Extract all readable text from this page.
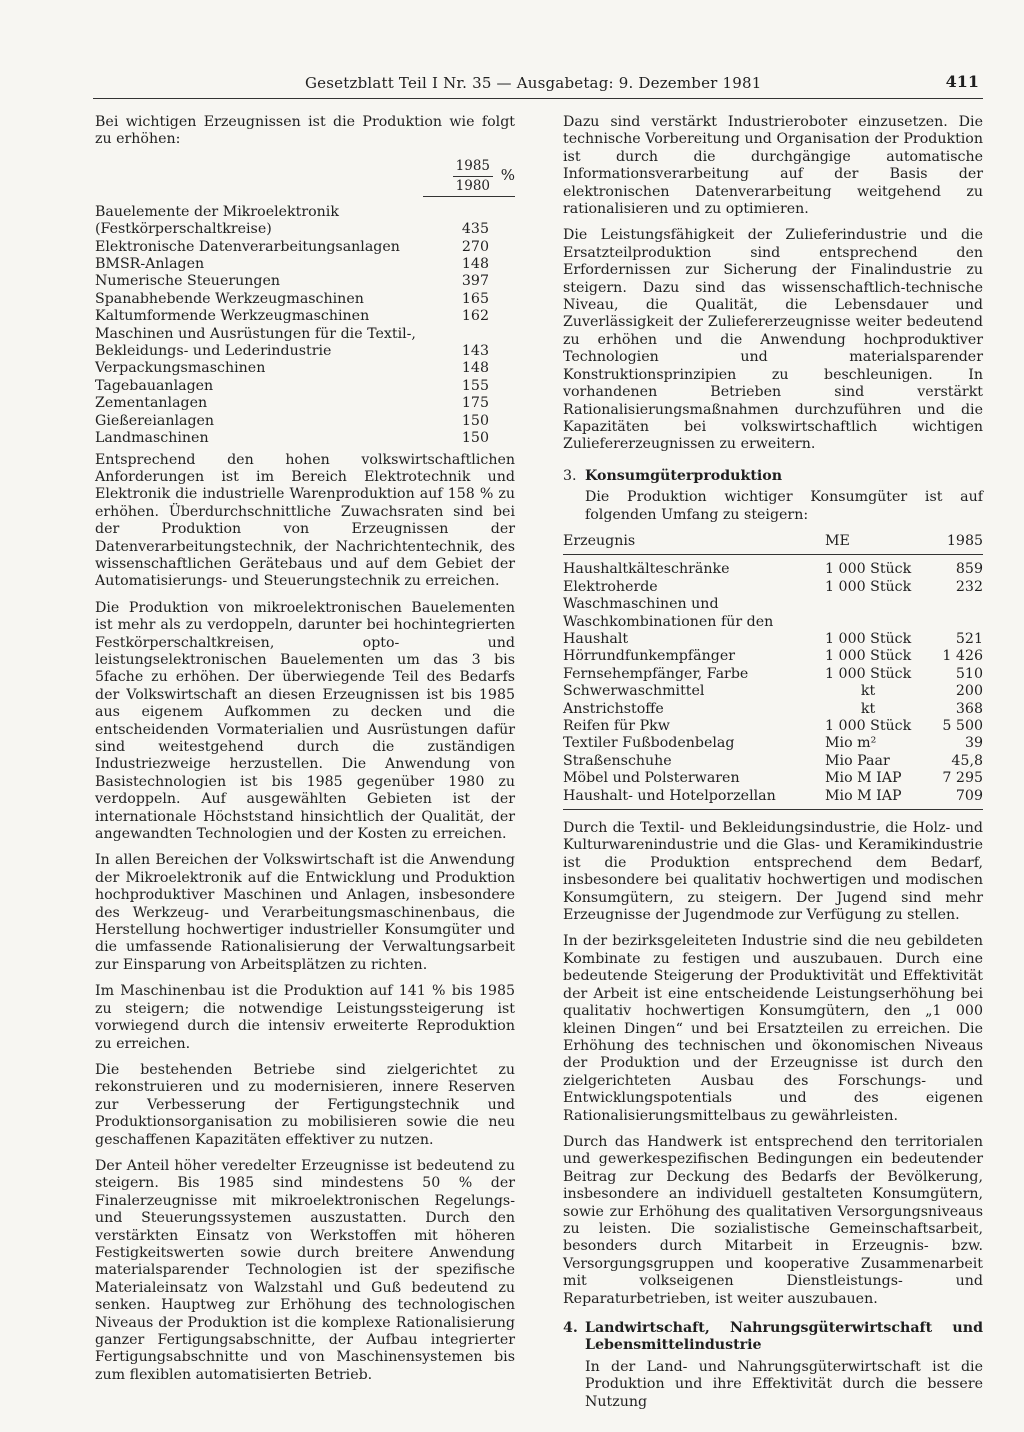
Gesetzblatt Teil I Nr. 35 — Ausgabetag: 9. Dezember 1981	411

Bei wichtigen Erzeugnissen ist die Produktion wie folgt zu erhöhen:

$\frac{1985}{1980}$ %
Bauelemente der Mikroelektronik (Festkörperschaltkreise)	435
Elektronische Datenverarbeitungsanlagen	270
BMSR-Anlagen	148
Numerische Steuerungen	397
Spanabhebende Werkzeugmaschinen	165
Kaltumformende Werkzeugmaschinen	162
Maschinen und Ausrüstungen für die Textil-, Bekleidungs- und Lederindustrie	143
Verpackungsmaschinen	148
Tagebauanlagen	155
Zementanlagen	175
Gießereianlagen	150
Landmaschinen	150

Entsprechend den hohen volkswirtschaftlichen Anforderungen ist im Bereich Elektrotechnik und Elektronik die industrielle Warenproduktion auf 158 % zu erhöhen. Überdurchschnittliche Zuwachsraten sind bei der Produktion von Erzeugnissen der Datenverarbeitungstechnik, der Nachrichtentechnik, des wissenschaftlichen Gerätebaus und auf dem Gebiet der Automatisierungs- und Steuerungstechnik zu erreichen.

Die Produktion von mikroelektronischen Bauelementen ist mehr als zu verdoppeln, darunter bei hochintegrierten Festkörperschaltkreisen, opto- und leistungselektronischen Bauelementen um das 3 bis 5fache zu erhöhen. Der überwiegende Teil des Bedarfs der Volkswirtschaft an diesen Erzeugnissen ist bis 1985 aus eigenem Aufkommen zu decken und die entscheidenden Vormaterialien und Ausrüstungen dafür sind weitestgehend durch die zuständigen Industriezweige herzustellen. Die Anwendung von Basistechnologien ist bis 1985 gegenüber 1980 zu verdoppeln. Auf ausgewählten Gebieten ist der internationale Höchststand hinsichtlich der Qualität, der angewandten Technologien und der Kosten zu erreichen.

In allen Bereichen der Volkswirtschaft ist die Anwendung der Mikroelektronik auf die Entwicklung und Produktion hochproduktiver Maschinen und Anlagen, insbesondere des Werkzeug- und Verarbeitungsmaschinenbaus, die Herstellung hochwertiger industrieller Konsumgüter und die umfassende Rationalisierung der Verwaltungsarbeit zur Einsparung von Arbeitsplätzen zu richten.

Im Maschinenbau ist die Produktion auf 141 % bis 1985 zu steigern; die notwendige Leistungssteigerung ist vorwiegend durch die intensiv erweiterte Reproduktion zu erreichen.

Die bestehenden Betriebe sind zielgerichtet zu rekonstruieren und zu modernisieren, innere Reserven zur Verbesserung der Fertigungstechnik und Produktionsorganisation zu mobilisieren sowie die neu geschaffenen Kapazitäten effektiver zu nutzen.

Der Anteil höher veredelter Erzeugnisse ist bedeutend zu steigern. Bis 1985 sind mindestens 50 % der Finalerzeugnisse mit mikroelektronischen Regelungs- und Steuerungssystemen auszustatten. Durch den verstärkten Einsatz von Werkstoffen mit höheren Festigkeitswerten sowie durch breitere Anwendung materialsparender Technologien ist der spezifische Materialeinsatz von Walzstahl und Guß bedeutend zu senken. Hauptweg zur Erhöhung des technologischen Niveaus der Produktion ist die komplexe Rationalisierung ganzer Fertigungsabschnitte, der Aufbau integrierter Fertigungsabschnitte und von Maschinensystemen bis zum flexiblen automatisierten Betrieb.

Dazu sind verstärkt Industrieroboter einzusetzen. Die technische Vorbereitung und Organisation der Produktion ist durch die durchgängige automatische Informationsverarbeitung auf der Basis der elektronischen Datenverarbeitung weitgehend zu rationalisieren und zu optimieren.

Die Leistungsfähigkeit der Zulieferindustrie und die Ersatzteilproduktion sind entsprechend den Erfordernissen zur Sicherung der Finalindustrie zu steigern. Dazu sind das wissenschaftlich-technische Niveau, die Qualität, die Lebensdauer und Zuverlässigkeit der Zuliefererzeugnisse weiter bedeutend zu erhöhen und die Anwendung hochproduktiver Technologien und materialsparender Konstruktionsprinzipien zu beschleunigen. In vorhandenen Betrieben sind verstärkt Rationalisierungsmaßnahmen durchzuführen und die Kapazitäten bei volkswirtschaftlich wichtigen Zuliefererzeugnissen zu erweitern.

3. Konsumgüterproduktion

Die Produktion wichtiger Konsumgüter ist auf folgenden Umfang zu steigern:

Erzeugnis	ME	1985
Haushaltkälteschränke	1 000 Stück	859
Elektroherde	1 000 Stück	232
Waschmaschinen und Waschkombinationen für den Haushalt	1 000 Stück	521
Hörrundfunkempfänger	1 000 Stück	1 426
Fernsehempfänger, Farbe	1 000 Stück	510
Schwerwaschmittel	kt	200
Anstrichstoffe	kt	368
Reifen für Pkw	1 000 Stück	5 500
Textiler Fußbodenbelag	Mio m²	39
Straßenschuhe	Mio Paar	45,8
Möbel und Polsterwaren	Mio M IAP	7 295
Haushalt- und Hotelporzellan	Mio M IAP	709

Durch die Textil- und Bekleidungsindustrie, die Holz- und Kulturwarenindustrie und die Glas- und Keramikindustrie ist die Produktion entsprechend dem Bedarf, insbesondere bei qualitativ hochwertigen und modischen Konsumgütern, zu steigern. Der Jugend sind mehr Erzeugnisse der Jugendmode zur Verfügung zu stellen.

In der bezirksgeleiteten Industrie sind die neu gebildeten Kombinate zu festigen und auszubauen. Durch eine bedeutende Steigerung der Produktivität und Effektivität der Arbeit ist eine entscheidende Leistungserhöhung bei qualitativ hochwertigen Konsumgütern, den „1 000 kleinen Dingen“ und bei Ersatzteilen zu erreichen. Die Erhöhung des technischen und ökonomischen Niveaus der Produktion und der Erzeugnisse ist durch den zielgerichteten Ausbau des Forschungs- und Entwicklungspotentials und des eigenen Rationalisierungsmittelbaus zu gewährleisten.

Durch das Handwerk ist entsprechend den territorialen und gewerkespezifischen Bedingungen ein bedeutender Beitrag zur Deckung des Bedarfs der Bevölkerung, insbesondere an individuell gestalteten Konsumgütern, sowie zur Erhöhung des qualitativen Versorgungsniveaus zu leisten. Die sozialistische Gemeinschaftsarbeit, besonders durch Mitarbeit in Erzeugnis- bzw. Versorgungsgruppen und kooperative Zusammenarbeit mit volkseigenen Dienstleistungs- und Reparaturbetrieben, ist weiter auszubauen.

4. Landwirtschaft, Nahrungsgüterwirtschaft und Lebensmittelindustrie

In der Land- und Nahrungsgüterwirtschaft ist die Produktion und ihre Effektivität durch die bessere Nutzung
